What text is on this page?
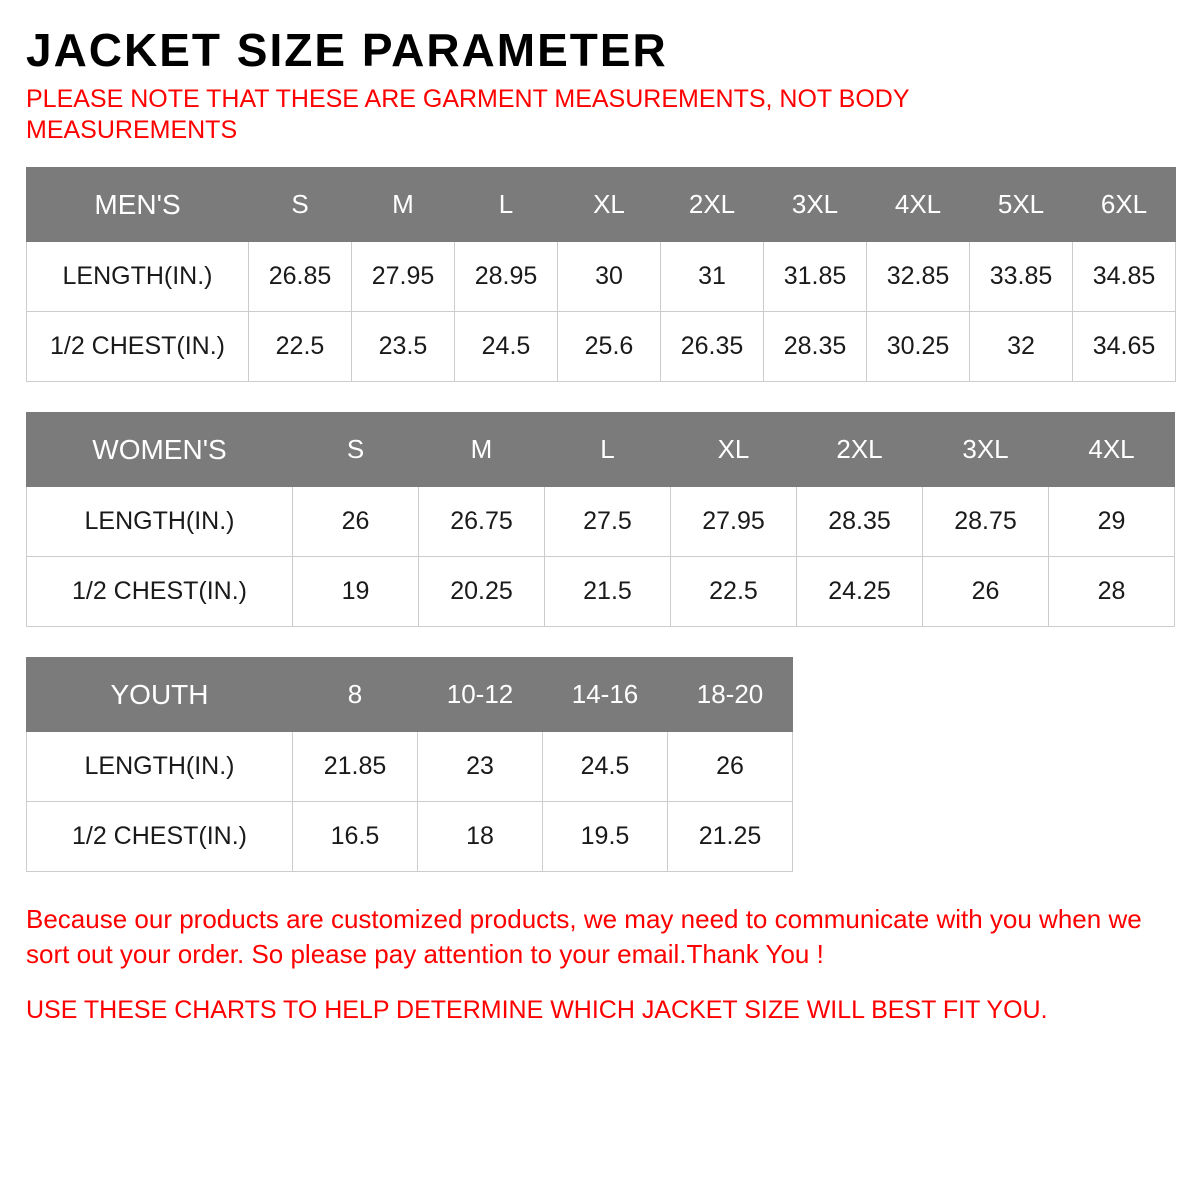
JACKET SIZE PARAMETER
PLEASE NOTE THAT THESE ARE GARMENT MEASUREMENTS, NOT BODY MEASUREMENTS
MEN'S	S	M	L	XL	2XL	3XL	4XL	5XL	6XL
LENGTH(IN.)	26.85	27.95	28.95	30	31	31.85	32.85	33.85	34.85
1/2 CHEST(IN.)	22.5	23.5	24.5	25.6	26.35	28.35	30.25	32	34.65
WOMEN'S	S	M	L	XL	2XL	3XL	4XL
LENGTH(IN.)	26	26.75	27.5	27.95	28.35	28.75	29
1/2 CHEST(IN.)	19	20.25	21.5	22.5	24.25	26	28
YOUTH	8	10-12	14-16	18-20
LENGTH(IN.)	21.85	23	24.5	26
1/2 CHEST(IN.)	16.5	18	19.5	21.25
Because our products are customized products, we may need to communicate with you when we sort out your order. So please pay attention to your email.Thank You !
USE THESE CHARTS TO HELP DETERMINE WHICH JACKET SIZE WILL BEST FIT YOU.
